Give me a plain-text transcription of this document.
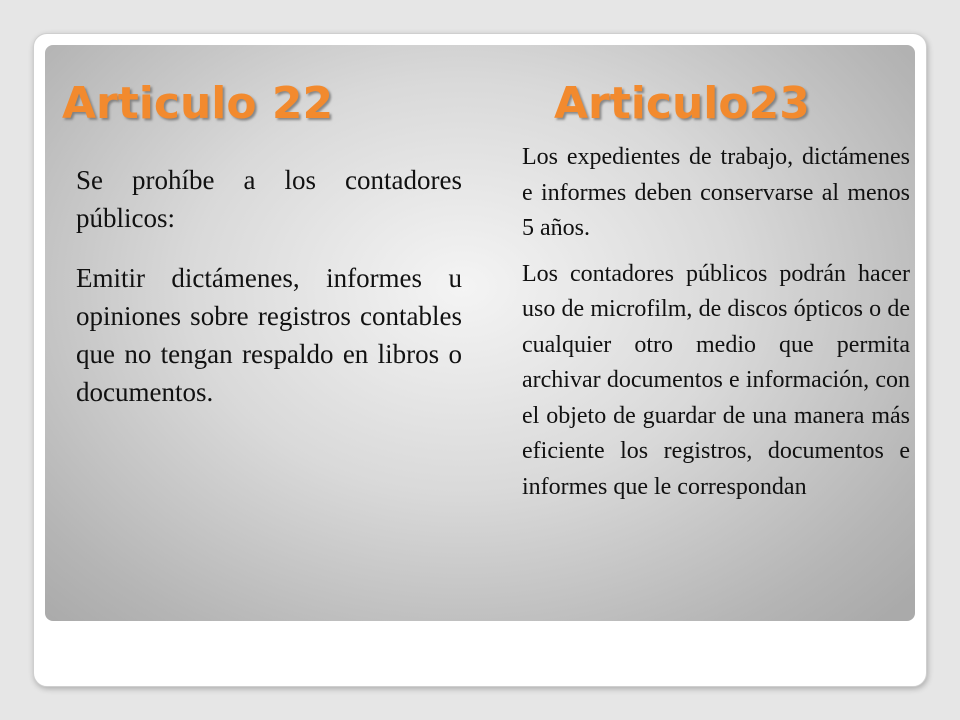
Articulo 22	Articulo23

Se prohíbe a los contadores públicos:

Emitir dictámenes, informes u opiniones sobre registros contables que no tengan respaldo en libros o documentos.

Los expedientes de trabajo, dictámenes e informes deben conservarse al menos 5 años.

Los contadores públicos podrán hacer uso de microfilm, de discos ópticos o de cualquier otro medio que permita archivar documentos e información, con el objeto de guardar de una manera más eficiente los registros, documentos e informes que le correspondan
